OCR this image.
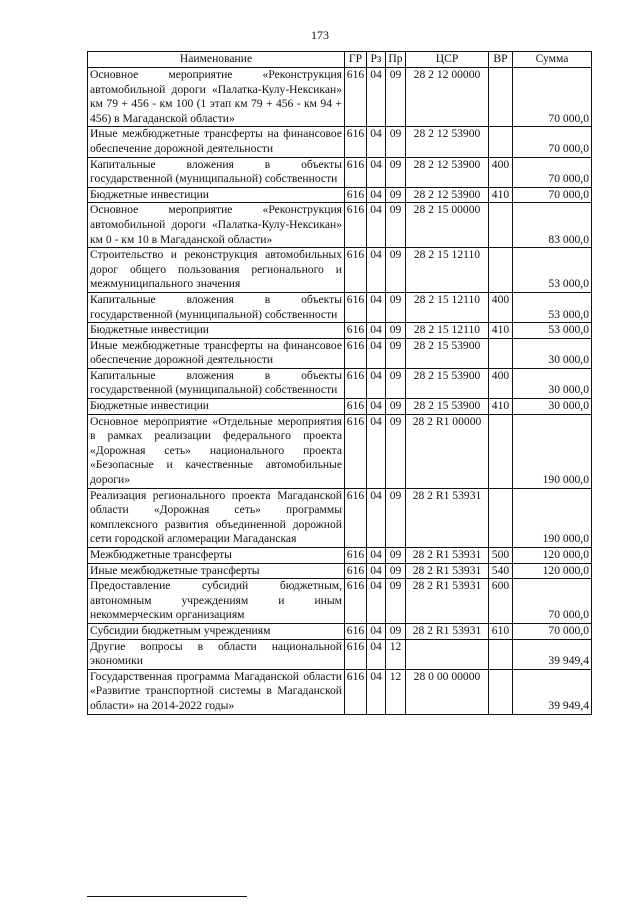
173
Наименование	ГР	Рз	Пр	ЦСР	ВР	Сумма
Основное мероприятие «Реконструкция автомобильной дороги «Палатка-Кулу-Нексикан» км 79 + 456 - км 100 (1 этап км 79 + 456 - км 94 + 456) в Магаданской области»	616	04	09	28 2 12 00000		70 000,0
Иные межбюджетные трансферты на финансовое обеспечение дорожной деятельности	616	04	09	28 2 12 53900		70 000,0
Капитальные вложения в объекты государственной (муниципальной) собственности	616	04	09	28 2 12 53900	400	70 000,0
Бюджетные инвестиции	616	04	09	28 2 12 53900	410	70 000,0
Основное мероприятие «Реконструкция автомобильной дороги «Палатка-Кулу-Нексикан» км 0 - км 10 в Магаданской области»	616	04	09	28 2 15 00000		83 000,0
Строительство и реконструкция автомобильных дорог общего пользования регионального и межмуниципального значения	616	04	09	28 2 15 12110		53 000,0
Капитальные вложения в объекты государственной (муниципальной) собственности	616	04	09	28 2 15 12110	400	53 000,0
Бюджетные инвестиции	616	04	09	28 2 15 12110	410	53 000,0
Иные межбюджетные трансферты на финансовое обеспечение дорожной деятельности	616	04	09	28 2 15 53900		30 000,0
Капитальные вложения в объекты государственной (муниципальной) собственности	616	04	09	28 2 15 53900	400	30 000,0
Бюджетные инвестиции	616	04	09	28 2 15 53900	410	30 000,0
Основное мероприятие «Отдельные мероприятия в рамках реализации федерального проекта «Дорожная сеть» национального проекта «Безопасные и качественные автомобильные дороги»	616	04	09	28 2 R1 00000		190 000,0
Реализация регионального проекта Магаданской области «Дорожная сеть» программы комплексного развития объединенной дорожной сети городской агломерации Магаданская	616	04	09	28 2 R1 53931		190 000,0
Межбюджетные трансферты	616	04	09	28 2 R1 53931	500	120 000,0
Иные межбюджетные трансферты	616	04	09	28 2 R1 53931	540	120 000,0
Предоставление субсидий бюджетным, автономным учреждениям и иным некоммерческим организациям	616	04	09	28 2 R1 53931	600	70 000,0
Субсидии бюджетным учреждениям	616	04	09	28 2 R1 53931	610	70 000,0
Другие вопросы в области национальной экономики	616	04	12			39 949,4
Государственная программа Магаданской области «Развитие транспортной системы в Магаданской области» на 2014-2022 годы»	616	04	12	28 0 00 00000		39 949,4
